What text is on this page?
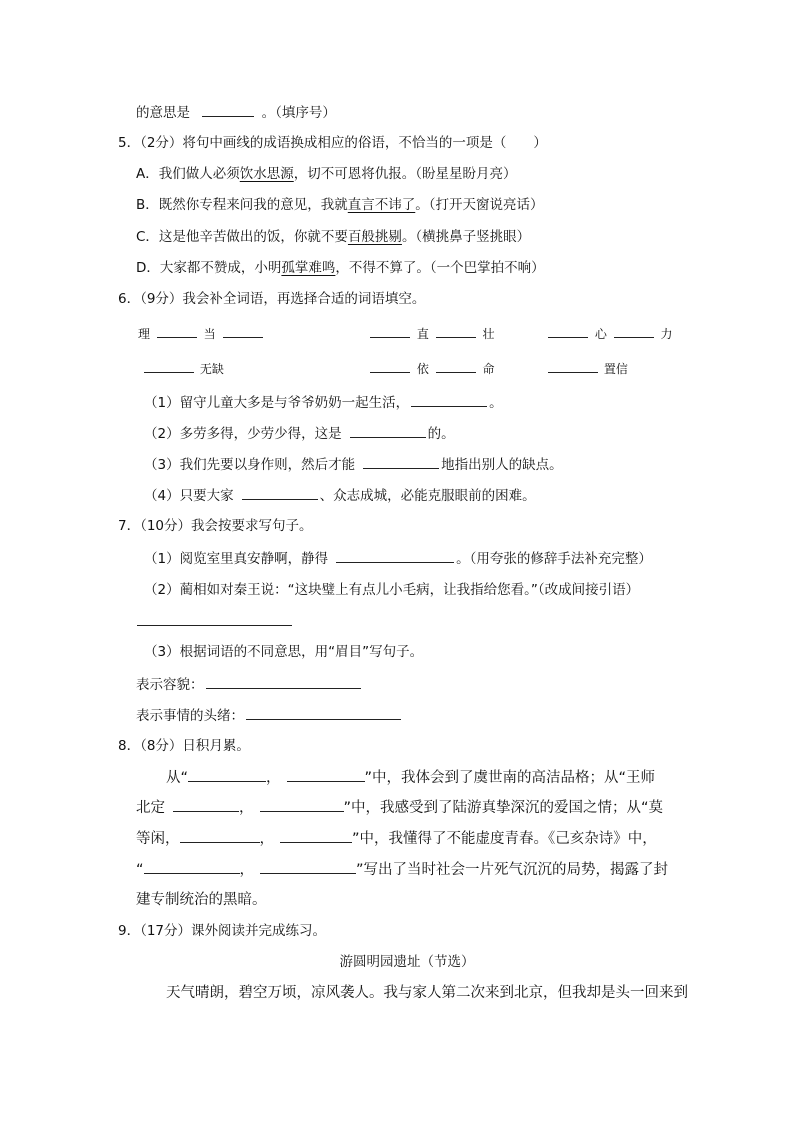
的意思是	。（填序号）
5．（2分）将句中画线的成语换成相应的俗语，不恰当的一项是（　　）
A．我们做人必须饮水思源，切不可恩将仇报。（盼星星盼月亮）
B．既然你专程来问我的意见，我就直言不讳了。（打开天窗说亮话）
C．这是他辛苦做出的饭，你就不要百般挑剔。（横挑鼻子竖挑眼）
D．大家都不赞成，小明孤掌难鸣，不得不算了。（一个巴掌拍不响）
6．（9分）我会补全词语，再选择合适的词语填空。
理	当	直	壮	心	力
无缺	依	命	置信
（1）留守儿童大多是与爷爷奶奶一起生活，	。
（2）多劳多得，少劳少得，这是	的。
（3）我们先要以身作则，然后才能	地指出别人的缺点。
（4）只要大家	、众志成城，必能克服眼前的困难。
7．（10分）我会按要求写句子。
（1）阅览室里真安静啊，静得	。（用夸张的修辞手法补充完整）
（2）蔺相如对秦王说：“这块璧上有点儿小毛病，让我指给您看。”（改成间接引语）
（3）根据词语的不同意思，用“眉目”写句子。
表示容貌：
表示事情的头绪：
8．（8分）日积月累。
从“	，	”中，我体会到了虞世南的高洁品格；从“王师
北定	，	”中，我感受到了陆游真挚深沉的爱国之情；从“莫
等闲，	，	”中，我懂得了不能虚度青春。《己亥杂诗》中，
“	，	”写出了当时社会一片死气沉沉的局势，揭露了封
建专制统治的黑暗。
9．（17分）课外阅读并完成练习。
游圆明园遗址（节选）
天气晴朗，碧空万顷，凉风袭人。我与家人第二次来到北京，但我却是头一回来到
